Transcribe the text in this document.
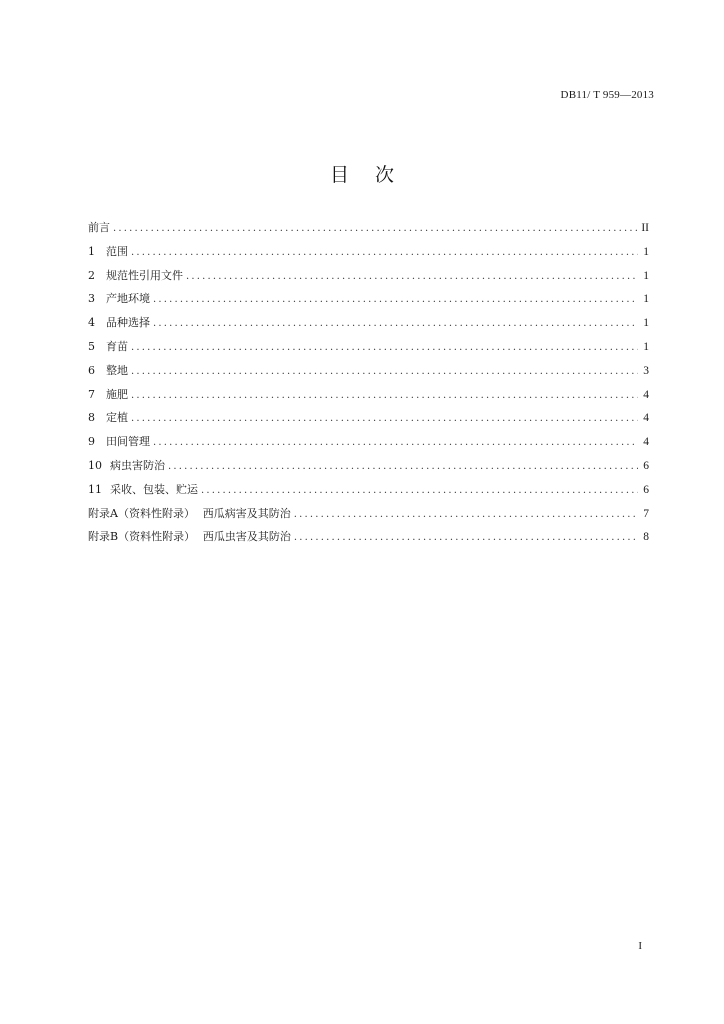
DB11/ T 959—2013
目次
前言 .....	II
1	范围 .....	1
2	规范性引用文件 .....	1
3	产地环境 .....	1
4	品种选择 .....	1
5	育苗 .....	1
6	整地 .....	3
7	施肥 .....	4
8	定植 .....	4
9	田间管理 .....	4
10 病虫害防治 .....	6
11 采收、包装、贮运 .....	6
附录A（资料性附录） 西瓜病害及其防治 .....	7
附录B（资料性附录） 西瓜虫害及其防治 .....	8
I
